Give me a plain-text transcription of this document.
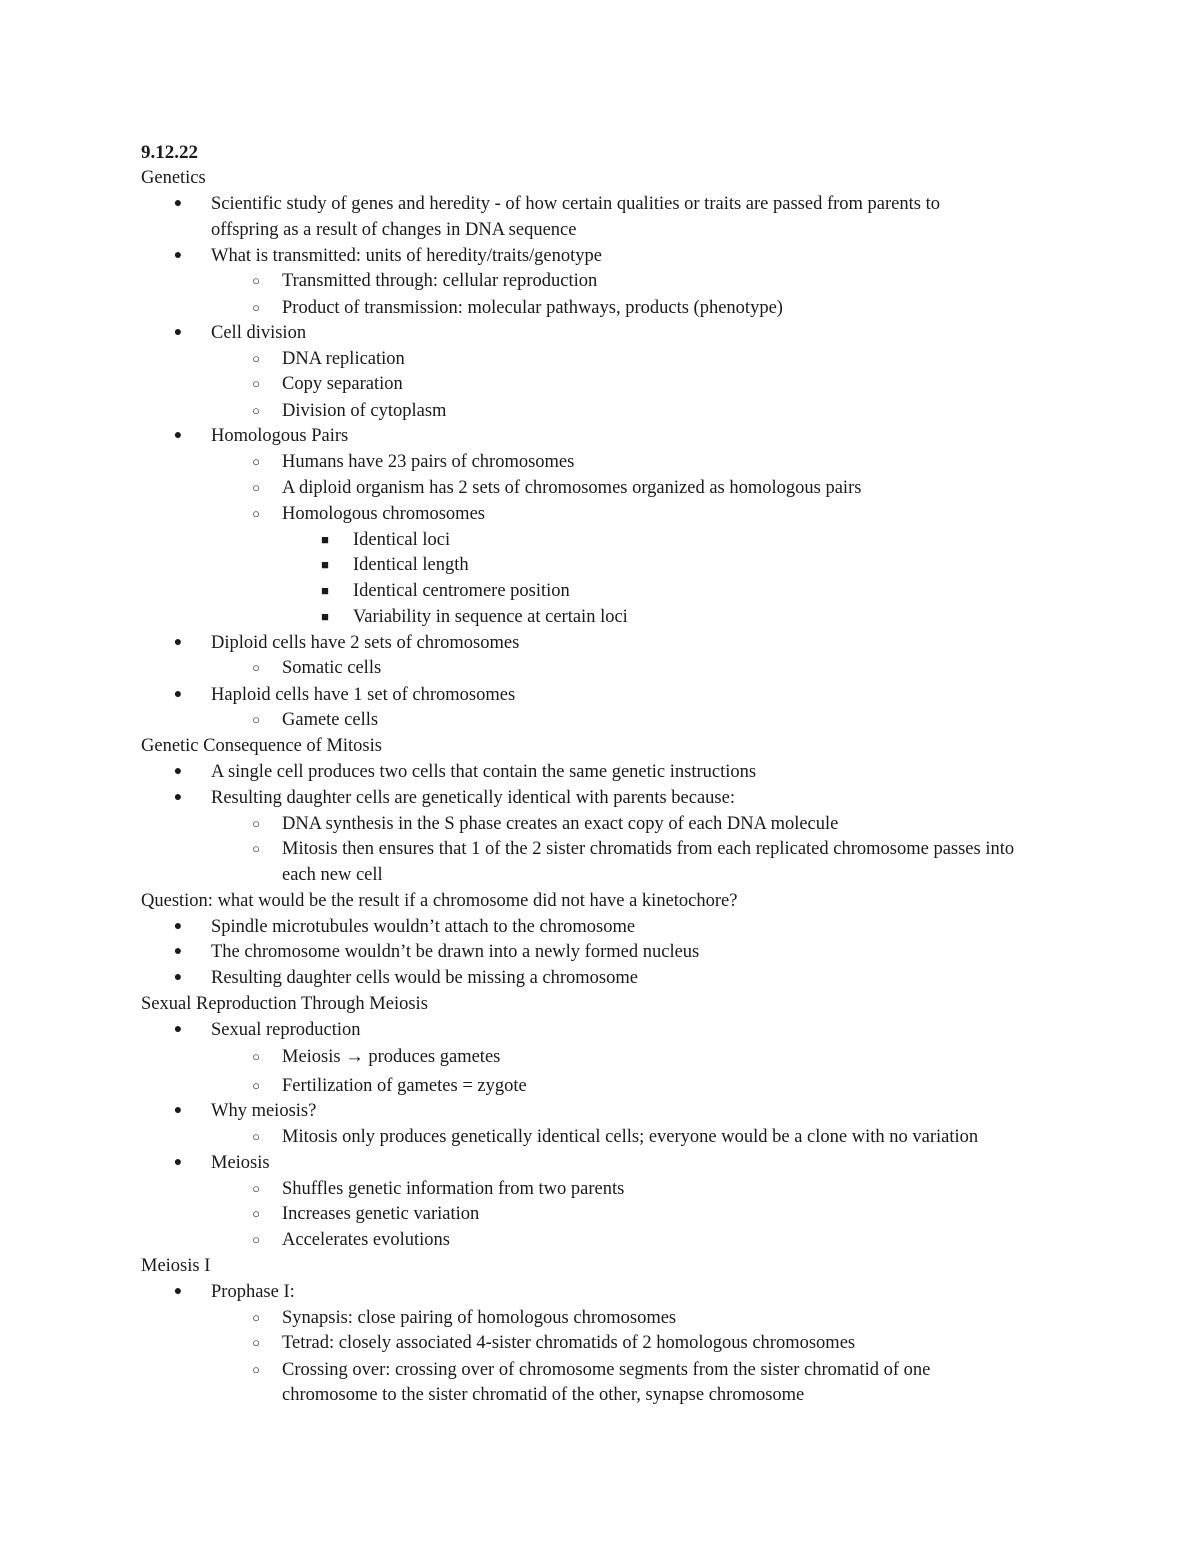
9.12.22
Genetics
● Scientific study of genes and heredity - of how certain qualities or traits are passed from parents to
offspring as a result of changes in DNA sequence
● What is transmitted: units of heredity/traits/genotype
○ Transmitted through: cellular reproduction
○ Product of transmission: molecular pathways, products (phenotype)
● Cell division
○ DNA replication
○ Copy separation
○ Division of cytoplasm
● Homologous Pairs
○ Humans have 23 pairs of chromosomes
○ A diploid organism has 2 sets of chromosomes organized as homologous pairs
○ Homologous chromosomes
■ Identical loci
■ Identical length
■ Identical centromere position
■ Variability in sequence at certain loci
● Diploid cells have 2 sets of chromosomes
○ Somatic cells
● Haploid cells have 1 set of chromosomes
○ Gamete cells
Genetic Consequence of Mitosis
● A single cell produces two cells that contain the same genetic instructions
● Resulting daughter cells are genetically identical with parents because:
○ DNA synthesis in the S phase creates an exact copy of each DNA molecule
○ Mitosis then ensures that 1 of the 2 sister chromatids from each replicated chromosome passes into
each new cell
Question: what would be the result if a chromosome did not have a kinetochore?
● Spindle microtubules wouldn’t attach to the chromosome
● The chromosome wouldn’t be drawn into a newly formed nucleus
● Resulting daughter cells would be missing a chromosome
Sexual Reproduction Through Meiosis
● Sexual reproduction
○ Meiosis → produces gametes
○ Fertilization of gametes = zygote
● Why meiosis?
○ Mitosis only produces genetically identical cells; everyone would be a clone with no variation
● Meiosis
○ Shuffles genetic information from two parents
○ Increases genetic variation
○ Accelerates evolutions
Meiosis I
● Prophase I:
○ Synapsis: close pairing of homologous chromosomes
○ Tetrad: closely associated 4-sister chromatids of 2 homologous chromosomes
○ Crossing over: crossing over of chromosome segments from the sister chromatid of one
chromosome to the sister chromatid of the other, synapse chromosome
